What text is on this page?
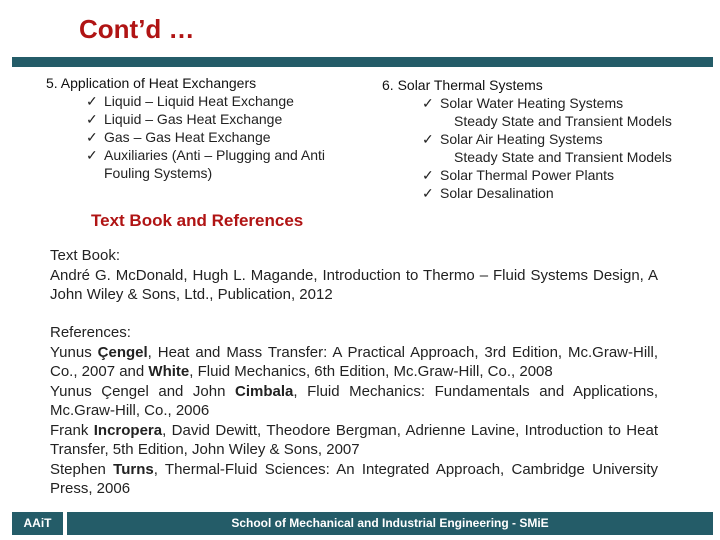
Cont’d …
5. Application of Heat Exchangers
✓ Liquid – Liquid Heat Exchange
✓ Liquid – Gas Heat Exchange
✓ Gas – Gas Heat Exchange
✓ Auxiliaries (Anti – Plugging and Anti
Fouling Systems)
6. Solar Thermal Systems
✓ Solar Water Heating Systems
Steady State and Transient Models
✓ Solar Air Heating Systems
Steady State and Transient Models
✓ Solar Thermal Power Plants
✓ Solar Desalination
Text Book and References
Text Book:
André G. McDonald, Hugh L. Magande, Introduction to Thermo – Fluid Systems Design, A John Wiley & Sons, Ltd., Publication, 2012
References:
Yunus Çengel, Heat and Mass Transfer: A Practical Approach, 3rd Edition, Mc.Graw-Hill, Co., 2007 and White, Fluid Mechanics, 6th Edition, Mc.Graw-Hill, Co., 2008
Yunus Çengel and John Cimbala, Fluid Mechanics: Fundamentals and Applications, Mc.Graw-Hill, Co., 2006
Frank Incropera, David Dewitt, Theodore Bergman, Adrienne Lavine, Introduction to Heat Transfer, 5th Edition, John Wiley & Sons, 2007
Stephen Turns, Thermal-Fluid Sciences: An Integrated Approach, Cambridge University Press, 2006
AAiT	School of Mechanical and Industrial Engineering - SMiE
